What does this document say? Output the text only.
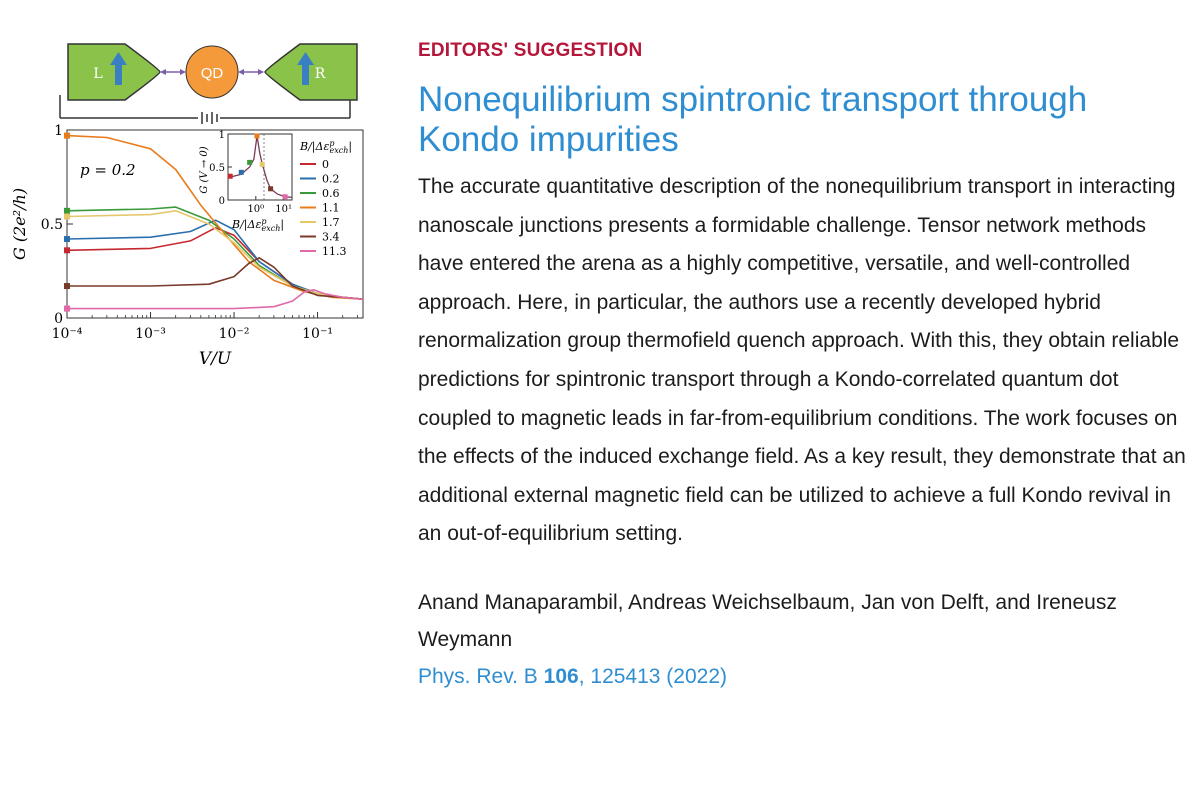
L	QD	R
10⁻⁴	10⁻³	10⁻²	10⁻¹
0
0.5
1
p = 0.2
V/U
G (2e²/h)
$B/|\Delta\varepsilon^p$ exch|
0
0.2
0.6
1.1
1.7
3.4
11.3
10⁰ 10¹
0
0.5
1
G (V → 0)
$B/|\Delta\varepsilon^p$ exch|
EDITORS' SUGGESTION
Nonequilibrium spintronic transport through Kondo impurities

The accurate quantitative description of the nonequilibrium transport in interacting nanoscale junctions presents a formidable challenge. Tensor network methods have entered the arena as a highly competitive, versatile, and well-controlled approach. Here, in particular, the authors use a recently developed hybrid renormalization group thermofield quench approach. With this, they obtain reliable predictions for spintronic transport through a Kondo-correlated quantum dot coupled to magnetic leads in far-from-equilibrium conditions. The work focuses on the effects of the induced exchange field. As a key result, they demonstrate that an additional external magnetic field can be utilized to achieve a full Kondo revival in an out-of-equilibrium setting.

Anand Manaparambil, Andreas Weichselbaum, Jan von Delft, and Ireneusz Weymann

Phys. Rev. B 106, 125413 (2022)
